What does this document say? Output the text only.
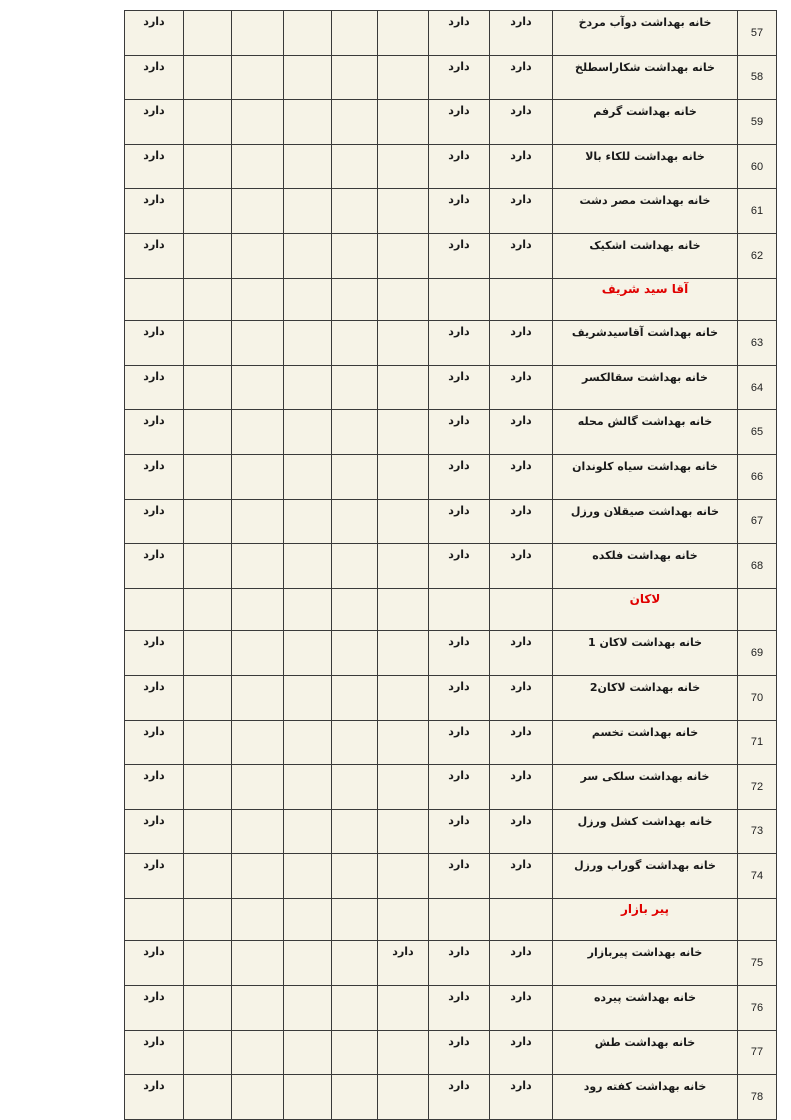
دارد						دارد	دارد	خانه بهداشت دوآب مردخ	57
دارد						دارد	دارد	خانه بهداشت شکاراسطلخ	58
دارد						دارد	دارد	خانه بهداشت گرفم	59
دارد						دارد	دارد	خانه بهداشت للکاء بالا	60
دارد						دارد	دارد	خانه بهداشت مصر دشت	61
دارد						دارد	دارد	خانه بهداشت اشکیک	62
								آقا سید شریف	
دارد						دارد	دارد	خانه بهداشت آقاسیدشریف	63
دارد						دارد	دارد	خانه بهداشت سقالکسر	64
دارد						دارد	دارد	خانه بهداشت گالش محله	65
دارد						دارد	دارد	خانه بهداشت سیاه کلوندان	66
دارد						دارد	دارد	خانه بهداشت صیقلان ورزل	67
دارد						دارد	دارد	خانه بهداشت فلکده	68
								لاکان	
دارد						دارد	دارد	خانه بهداشت لاکان 1	69
دارد						دارد	دارد	خانه بهداشت لاکان2	70
دارد						دارد	دارد	خانه بهداشت تخسم	71
دارد						دارد	دارد	خانه بهداشت سلکی سر	72
دارد						دارد	دارد	خانه بهداشت کشل ورزل	73
دارد						دارد	دارد	خانه بهداشت گوراب ورزل	74
								پیر بازار	
دارد					دارد	دارد	دارد	خانه بهداشت پیربازار	75
دارد						دارد	دارد	خانه بهداشت پیرده	76
دارد						دارد	دارد	خانه بهداشت طش	77
دارد						دارد	دارد	خانه بهداشت کفته رود	78
